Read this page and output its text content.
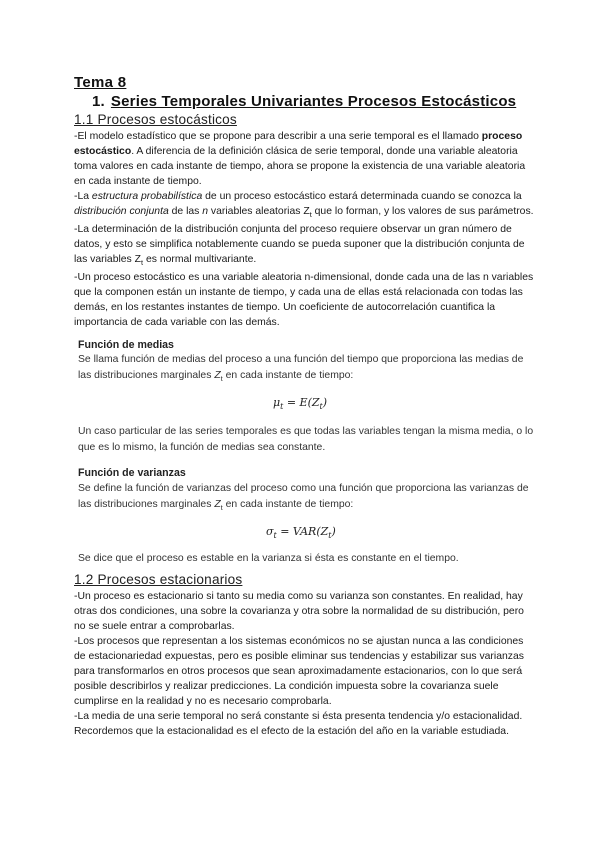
Tema 8
1. Series Temporales Univariantes Procesos Estocásticos
1.1 Procesos estocásticos

-El modelo estadístico que se propone para describir a una serie temporal es el llamado proceso estocástico. A diferencia de la definición clásica de serie temporal, donde una variable aleatoria toma valores en cada instante de tiempo, ahora se propone la existencia de una variable aleatoria en cada instante de tiempo.

-La estructura probabilística de un proceso estocástico estará determinada cuando se conozca la distribución conjunta de las n variables aleatorias $Z_t$ que lo forman, y los valores de sus parámetros.

-La determinación de la distribución conjunta del proceso requiere observar un gran número de datos, y esto se simplifica notablemente cuando se pueda suponer que la distribución conjunta de las variables $Z_t$ es normal multivariante.

-Un proceso estocástico es una variable aleatoria n-dimensional, donde cada una de las n variables que la componen están un instante de tiempo, y cada una de ellas está relacionada con todas las demás, en los restantes instantes de tiempo. Un coeficiente de autocorrelación cuantifica la importancia de cada variable con las demás.

Función de medias

Se llama función de medias del proceso a una función del tiempo que proporciona las medias de las distribuciones marginales $Z_t$ en cada instante de tiempo:

$\mu_t = E(Z_t)$
Un caso particular de las series temporales es que todas las variables tengan la misma media, o lo que es lo mismo, la función de medias sea constante.
Función de varianzas

Se define la función de varianzas del proceso como una función que proporciona las varianzas de las distribuciones marginales $Z_t$ en cada instante de tiempo:

$\sigma_t = VAR(Z_t)$
Se dice que el proceso es estable en la varianza si ésta es constante en el tiempo.
1.2 Procesos estacionarios

-Un proceso es estacionario si tanto su media como su varianza son constantes. En realidad, hay otras dos condiciones, una sobre la covarianza y otra sobre la normalidad de su distribución, pero no se suele entrar a comprobarlas.

-Los procesos que representan a los sistemas económicos no se ajustan nunca a las condiciones de estacionariedad expuestas, pero es posible eliminar sus tendencias y estabilizar sus varianzas para transformarlos en otros procesos que sean aproximadamente estacionarios, con lo que será posible describirlos y realizar predicciones. La condición impuesta sobre la covarianza suele cumplirse en la realidad y no es necesario comprobarla.

-La media de una serie temporal no será constante si ésta presenta tendencia y/o estacionalidad. Recordemos que la estacionalidad es el efecto de la estación del año en la variable estudiada.
